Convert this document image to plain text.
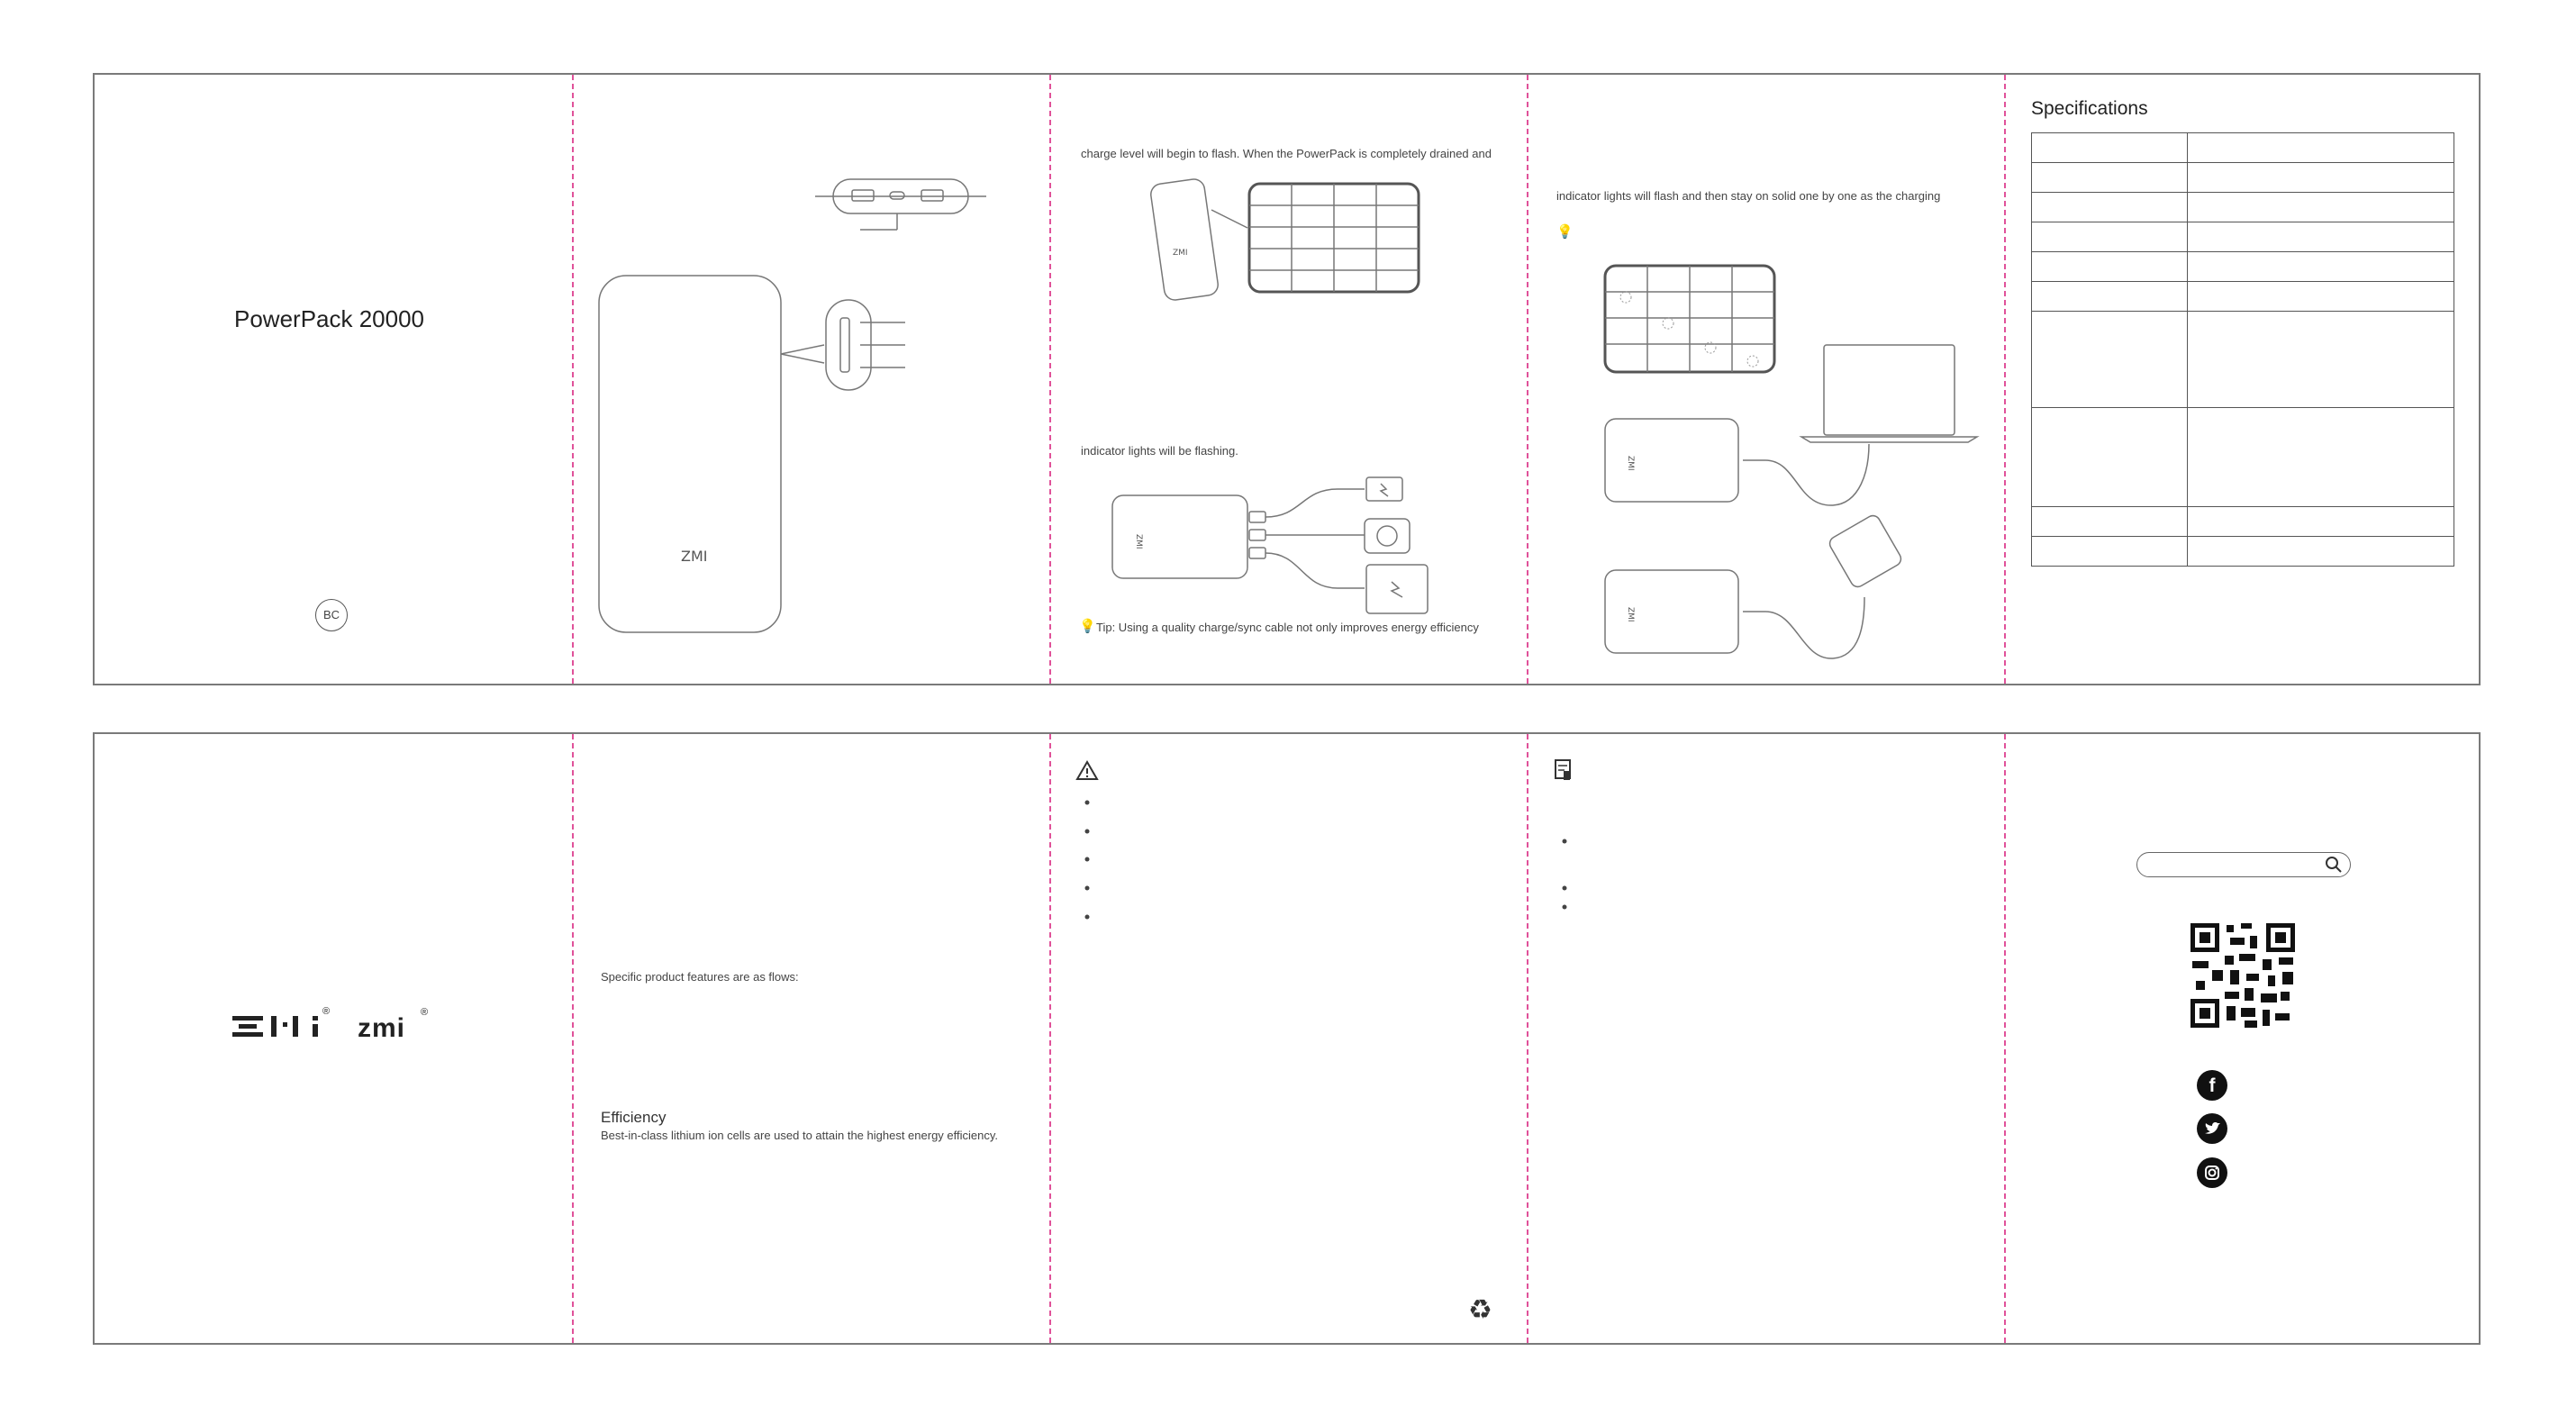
PowerPack 20000
BC
ZMI
charge level will begin to flash. When the PowerPack is completely drained and
ZMI
indicator lights will be flashing.
ZMI
💡 Tip: Using a quality charge/sync cable not only improves energy efficiency
indicator lights will flash and then stay on solid one by one as the charging
💡
ZMI
ZMI
Specifications

®
zmi
®
Specific product features are as flows:
Efficiency
Best-in-class lithium ion cells are used to attain the highest energy efficiency.
♻
f
